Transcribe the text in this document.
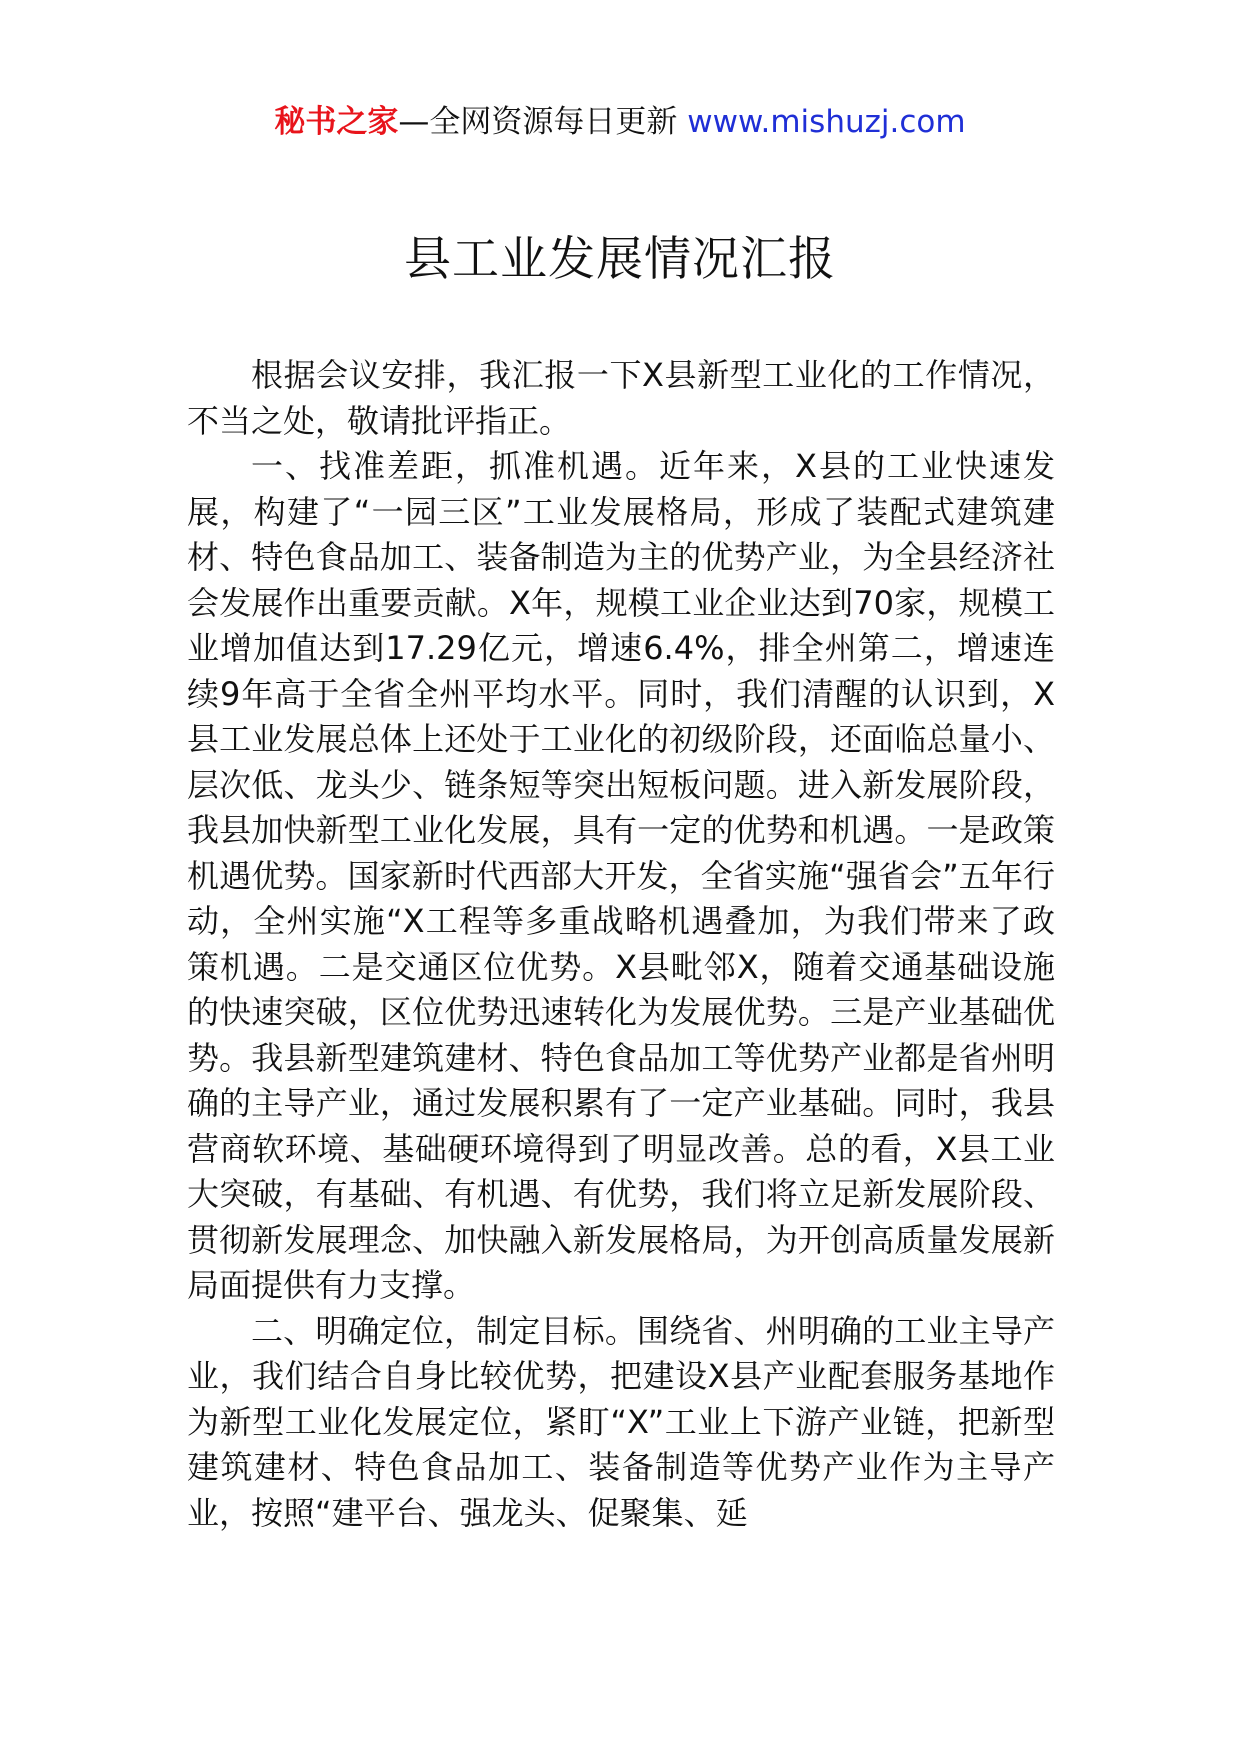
秘书之家—全网资源每日更新 www.mishuzj.com
县工业发展情况汇报

根据会议安排，我汇报一下X县新型工业化的工作情况，不当之处，敬请批评指正。

一、找准差距，抓准机遇。近年来，X县的工业快速发展，构建了“一园三区”工业发展格局，形成了装配式建筑建材、特色食品加工、装备制造为主的优势产业，为全县经济社会发展作出重要贡献。X年，规模工业企业达到70家，规模工业增加值达到17.29亿元，增速6.4%，排全州第二，增速连续9年高于全省全州平均水平。同时，我们清醒的认识到，X县工业发展总体上还处于工业化的初级阶段，还面临总量小、层次低、龙头少、链条短等突出短板问题。进入新发展阶段，我县加快新型工业化发展，具有一定的优势和机遇。一是政策机遇优势。国家新时代西部大开发，全省实施“强省会”五年行动，全州实施“X工程等多重战略机遇叠加，为我们带来了政策机遇。二是交通区位优势。X县毗邻X，随着交通基础设施的快速突破，区位优势迅速转化为发展优势。三是产业基础优势。我县新型建筑建材、特色食品加工等优势产业都是省州明确的主导产业，通过发展积累有了一定产业基础。同时，我县营商软环境、基础硬环境得到了明显改善。总的看，X县工业大突破，有基础、有机遇、有优势，我们将立足新发展阶段、贯彻新发展理念、加快融入新发展格局，为开创高质量发展新局面提供有力支撑。

二、明确定位，制定目标。围绕省、州明确的工业主导产业，我们结合自身比较优势，把建设X县产业配套服务基地作为新型工业化发展定位，紧盯“X”工业上下游产业链，把新型建筑建材、特色食品加工、装备制造等优势产业作为主导产业，按照“建平台、强龙头、促聚集、延
